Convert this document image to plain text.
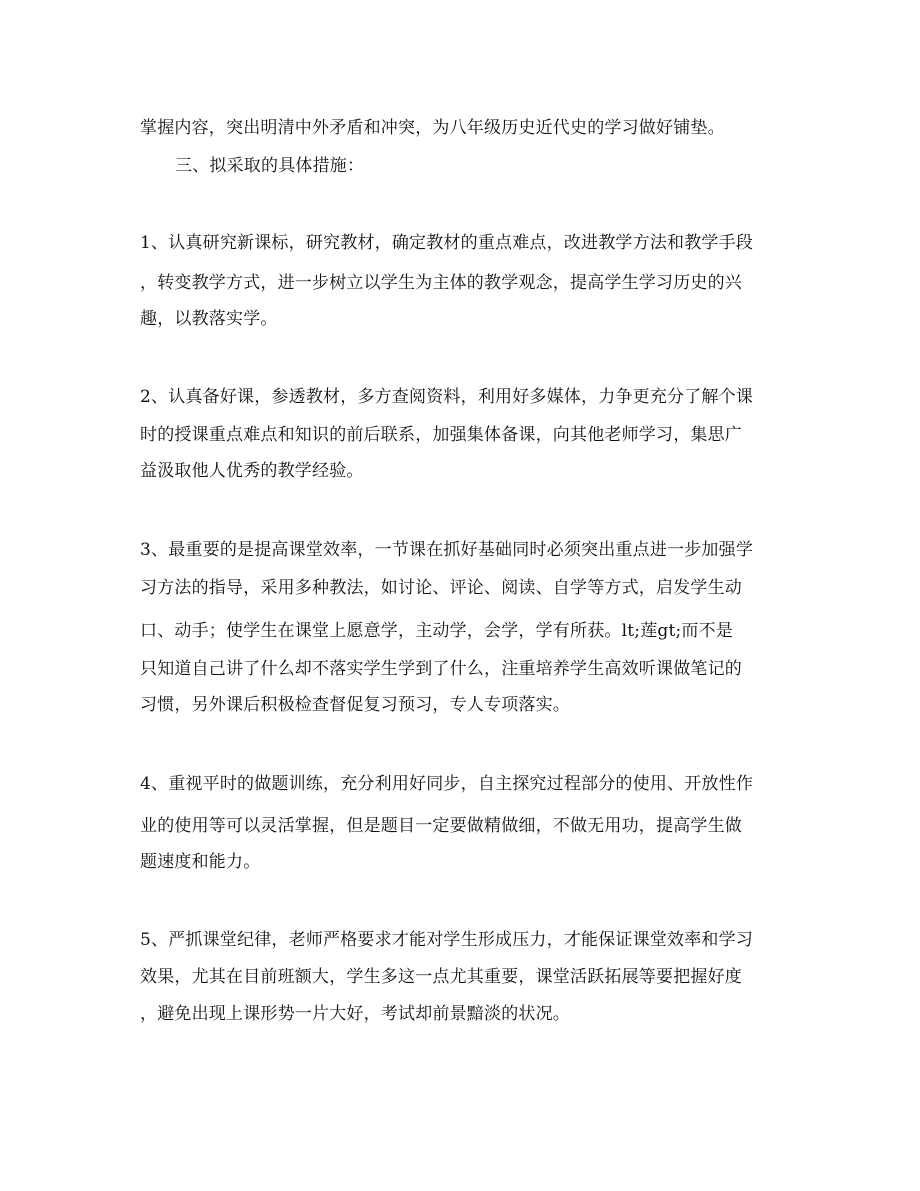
掌握内容，突出明清中外矛盾和冲突，为八年级历史近代史的学习做好铺垫。
三、拟采取的具体措施：
1、认真研究新课标，研究教材，确定教材的重点难点，改进教学方法和教学手段
，转变教学方式，进一步树立以学生为主体的教学观念，提高学生学习历史的兴
趣，以教落实学。
2、认真备好课，参透教材，多方查阅资料，利用好多媒体，力争更充分了解个课
时的授课重点难点和知识的前后联系，加强集体备课，向其他老师学习，集思广
益汲取他人优秀的教学经验。
3、最重要的是提高课堂效率，一节课在抓好基础同时必须突出重点进一步加强学
习方法的指导，采用多种教法，如讨论、评论、阅读、自学等方式，启发学生动
口、动手；使学生在课堂上愿意学，主动学，会学，学有所获。lt;莲gt;而不是
只知道自己讲了什么却不落实学生学到了什么，注重培养学生高效听课做笔记的
习惯，另外课后积极检查督促复习预习，专人专项落实。
4、重视平时的做题训练，充分利用好同步，自主探究过程部分的使用、开放性作
业的使用等可以灵活掌握，但是题目一定要做精做细，不做无用功，提高学生做
题速度和能力。
5、严抓课堂纪律，老师严格要求才能对学生形成压力，才能保证课堂效率和学习
效果，尤其在目前班额大，学生多这一点尤其重要，课堂活跃拓展等要把握好度
，避免出现上课形势一片大好，考试却前景黯淡的状况。
